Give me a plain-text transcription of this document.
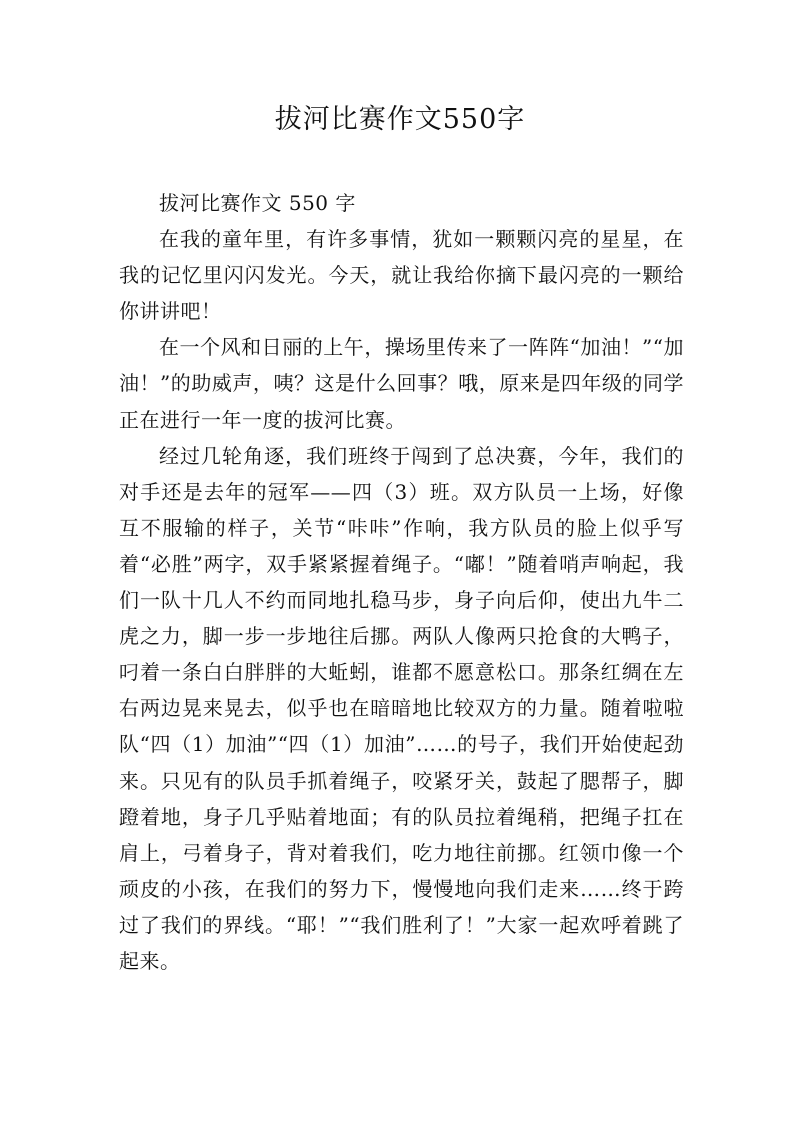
拔河比赛作文550字

拔河比赛作文 550 字

在我的童年里，有许多事情，犹如一颗颗闪亮的星星，在我的记忆里闪闪发光。今天，就让我给你摘下最闪亮的一颗给你讲讲吧！

在一个风和日丽的上午，操场里传来了一阵阵“加油！”“加油！”的助威声，咦？这是什么回事？哦，原来是四年级的同学正在进行一年一度的拔河比赛。

经过几轮角逐，我们班终于闯到了总决赛，今年，我们的对手还是去年的冠军——四（3）班。双方队员一上场，好像互不服输的样子，关节“咔咔”作响，我方队员的脸上似乎写着“必胜”两字，双手紧紧握着绳子。“嘟！”随着哨声响起，我们一队十几人不约而同地扎稳马步，身子向后仰，使出九牛二虎之力，脚一步一步地往后挪。两队人像两只抢食的大鸭子，叼着一条白白胖胖的大蚯蚓，谁都不愿意松口。那条红绸在左右两边晃来晃去，似乎也在暗暗地比较双方的力量。随着啦啦队“四（1）加油”“四（1）加油”……的号子，我们开始使起劲来。只见有的队员手抓着绳子，咬紧牙关，鼓起了腮帮子，脚蹬着地，身子几乎贴着地面；有的队员拉着绳稍，把绳子扛在肩上，弓着身子，背对着我们，吃力地往前挪。红领巾像一个顽皮的小孩，在我们的努力下，慢慢地向我们走来……终于跨过了我们的界线。“耶！”“我们胜利了！”大家一起欢呼着跳了起来。
